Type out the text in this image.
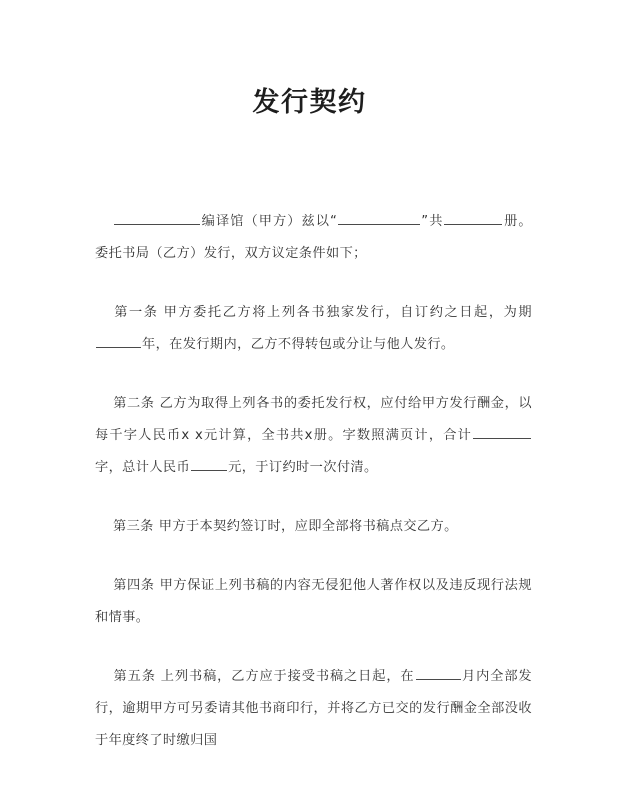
发行契约

编译馆（甲方）兹以“	”共	册。委托书局（乙方）发行，双方议定条件如下；

第一条 甲方委托乙方将上列各书独家发行，自订约之日起，为期年，在发行期内，乙方不得转包或分让与他人发行。

第二条 乙方为取得上列各书的委托发行权，应付给甲方发行酬金，以每千字人民币x x元计算，全书共x册。字数照满页计，合计字，总计人民币	元，于订约时一次付清。

第三条 甲方于本契约签订时，应即全部将书稿点交乙方。

第四条 甲方保证上列书稿的内容无侵犯他人著作权以及违反现行法规和情事。

第五条 上列书稿，乙方应于接受书稿之日起，在	月内全部发行，逾期甲方可另委请其他书商印行，并将乙方已交的发行酬金全部没收于年度终了时缴归国
